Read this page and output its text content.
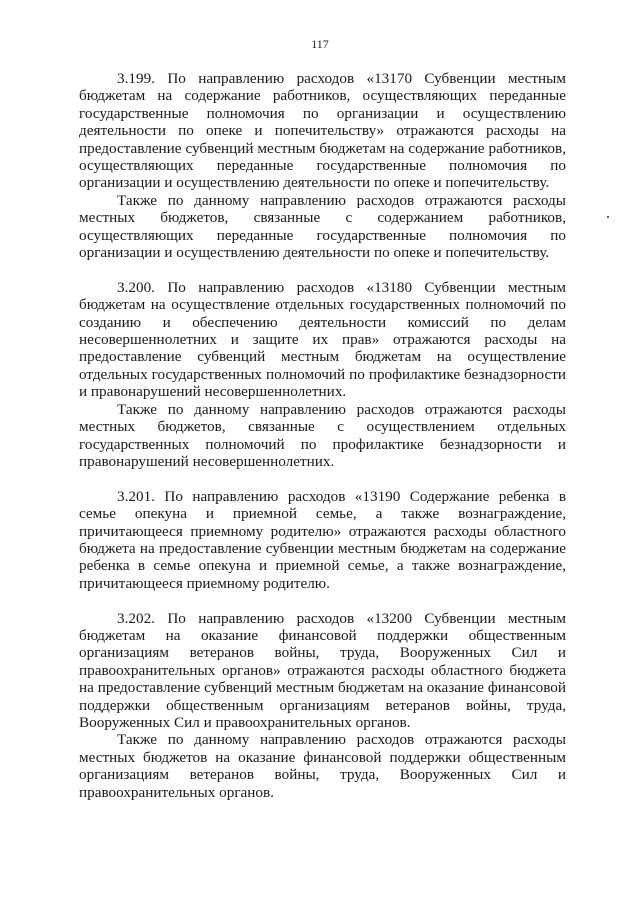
117

3.199. По направлению расходов «13170 Субвенции местным бюджетам на содержание работников, осуществляющих переданные государственные полномочия по организации и осуществлению деятельности по опеке и попечительству» отражаются расходы на предоставление субвенций местным бюджетам на содержание работников, осуществляющих переданные государственные полномочия по организации и осуществлению деятельности по опеке и попечительству.

Также по данному направлению расходов отражаются расходы местных бюджетов, связанные с содержанием работников, осуществляющих переданные государственные полномочия по организации и осуществлению деятельности по опеке и попечительству.

3.200. По направлению расходов «13180 Субвенции местным бюджетам на осуществление отдельных государственных полномочий по созданию и обеспечению деятельности комиссий по делам несовершеннолетних и защите их прав» отражаются расходы на предоставление субвенций местным бюджетам на осуществление отдельных государственных полномочий по профилактике безнадзорности и правонарушений несовершеннолетних.

Также по данному направлению расходов отражаются расходы местных бюджетов, связанные с осуществлением отдельных государственных полномочий по профилактике безнадзорности и правонарушений несовершеннолетних.

3.201. По направлению расходов «13190 Содержание ребенка в семье опекуна и приемной семье, а также вознаграждение, причитающееся приемному родителю» отражаются расходы областного бюджета на предоставление субвенции местным бюджетам на содержание ребенка в семье опекуна и приемной семье, а также вознаграждение, причитающееся приемному родителю.

3.202. По направлению расходов «13200 Субвенции местным бюджетам на оказание финансовой поддержки общественным организациям ветеранов войны, труда, Вооруженных Сил и правоохранительных органов» отражаются расходы областного бюджета на предоставление субвенций местным бюджетам на оказание финансовой поддержки общественным организациям ветеранов войны, труда, Вооруженных Сил и правоохранительных органов.

Также по данному направлению расходов отражаются расходы местных бюджетов на оказание финансовой поддержки общественным организациям ветеранов войны, труда, Вооруженных Сил и правоохранительных органов.
